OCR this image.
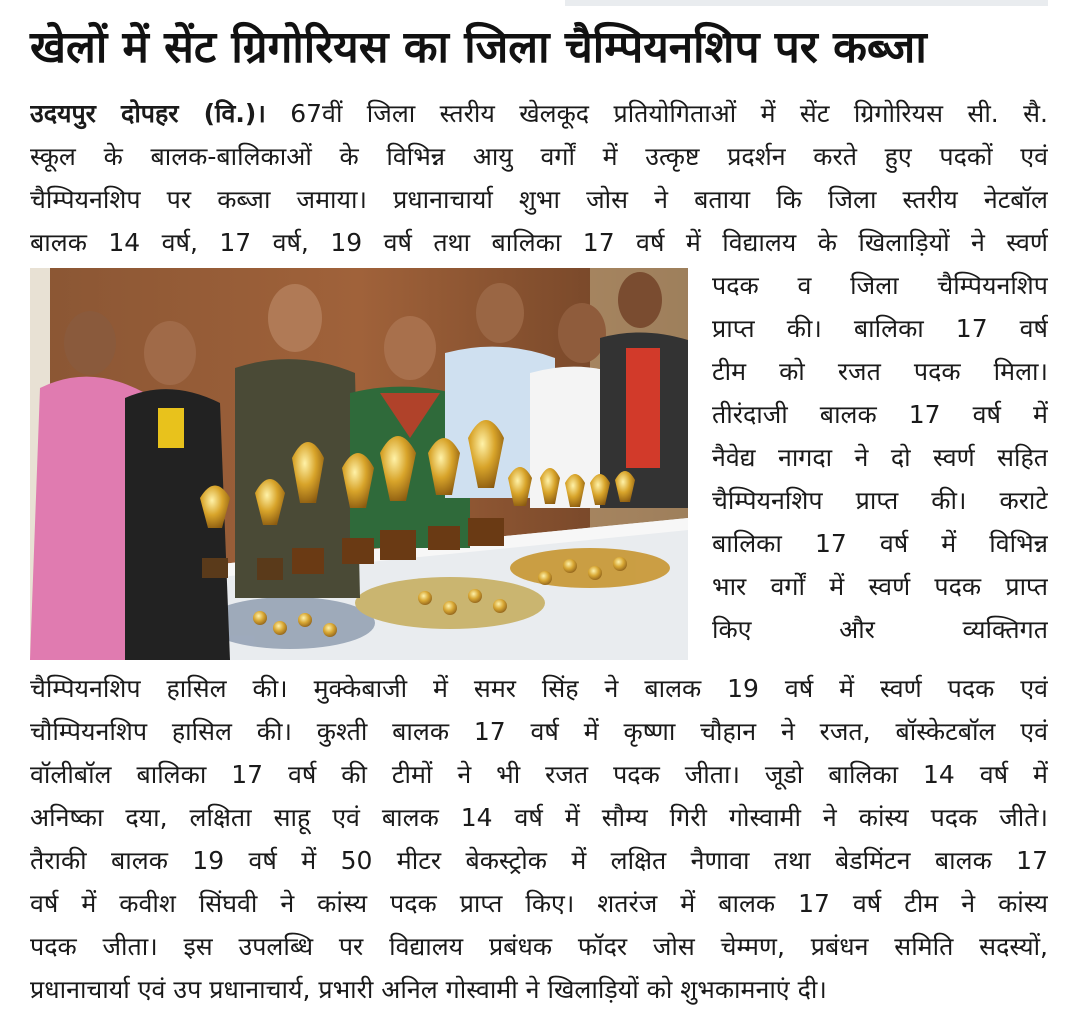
खेलों में सेंट ग्रिगोरियस का जिला चैम्पियनशिप पर कब्जा
उदयपुर दोपहर (वि.)। 67वीं जिला स्तरीय खेलकूद प्रतियोगिताओं में सेंट ग्रिगोरियस सी. सै.
स्कूल के बालक-बालिकाओं के विभिन्न आयु वर्गों में उत्कृष्ट प्रदर्शन करते हुए पदकों एवं
चैम्पियनशिप पर कब्जा जमाया। प्रधानाचार्या शुभा जोस ने बताया कि जिला स्तरीय नेटबॉल
बालक 14 वर्ष, 17 वर्ष, 19 वर्ष तथा बालिका 17 वर्ष में विद्यालय के खिलाड़ियों ने स्वर्ण
पदक व जिला चैम्पियनशिप
प्राप्त की। बालिका 17 वर्ष
टीम को रजत पदक मिला।
तीरंदाजी बालक 17 वर्ष में
नैवेद्य नागदा ने दो स्वर्ण सहित
चैम्पियनशिप प्राप्त की। कराटे
बालिका 17 वर्ष में विभिन्न
भार वर्गों में स्वर्ण पदक प्राप्त
किए और व्यक्तिगत
चैम्पियनशिप हासिल की। मुक्केबाजी में समर सिंह ने बालक 19 वर्ष में स्वर्ण पदक एवं
चौम्पियनशिप हासिल की। कुश्ती बालक 17 वर्ष में कृष्णा चौहान ने रजत, बॉस्केटबॉल एवं
वॉलीबॉल बालिका 17 वर्ष की टीमों ने भी रजत पदक जीता। जूडो बालिका 14 वर्ष में
अनिष्का दया, लक्षिता साहू एवं बालक 14 वर्ष में सौम्य गिरी गोस्वामी ने कांस्य पदक जीते।
तैराकी बालक 19 वर्ष में 50 मीटर बेकस्ट्रोक में लक्षित नैणावा तथा बेडमिंटन बालक 17
वर्ष में कवीश सिंघवी ने कांस्य पदक प्राप्त किए। शतरंज में बालक 17 वर्ष टीम ने कांस्य
पदक जीता। इस उपलब्धि पर विद्यालय प्रबंधक फॉदर जोस चेम्मण, प्रबंधन समिति सदस्यों,
प्रधानाचार्या एवं उप प्रधानाचार्य, प्रभारी अनिल गोस्वामी ने खिलाड़ियों को शुभकामनाएं दी।
